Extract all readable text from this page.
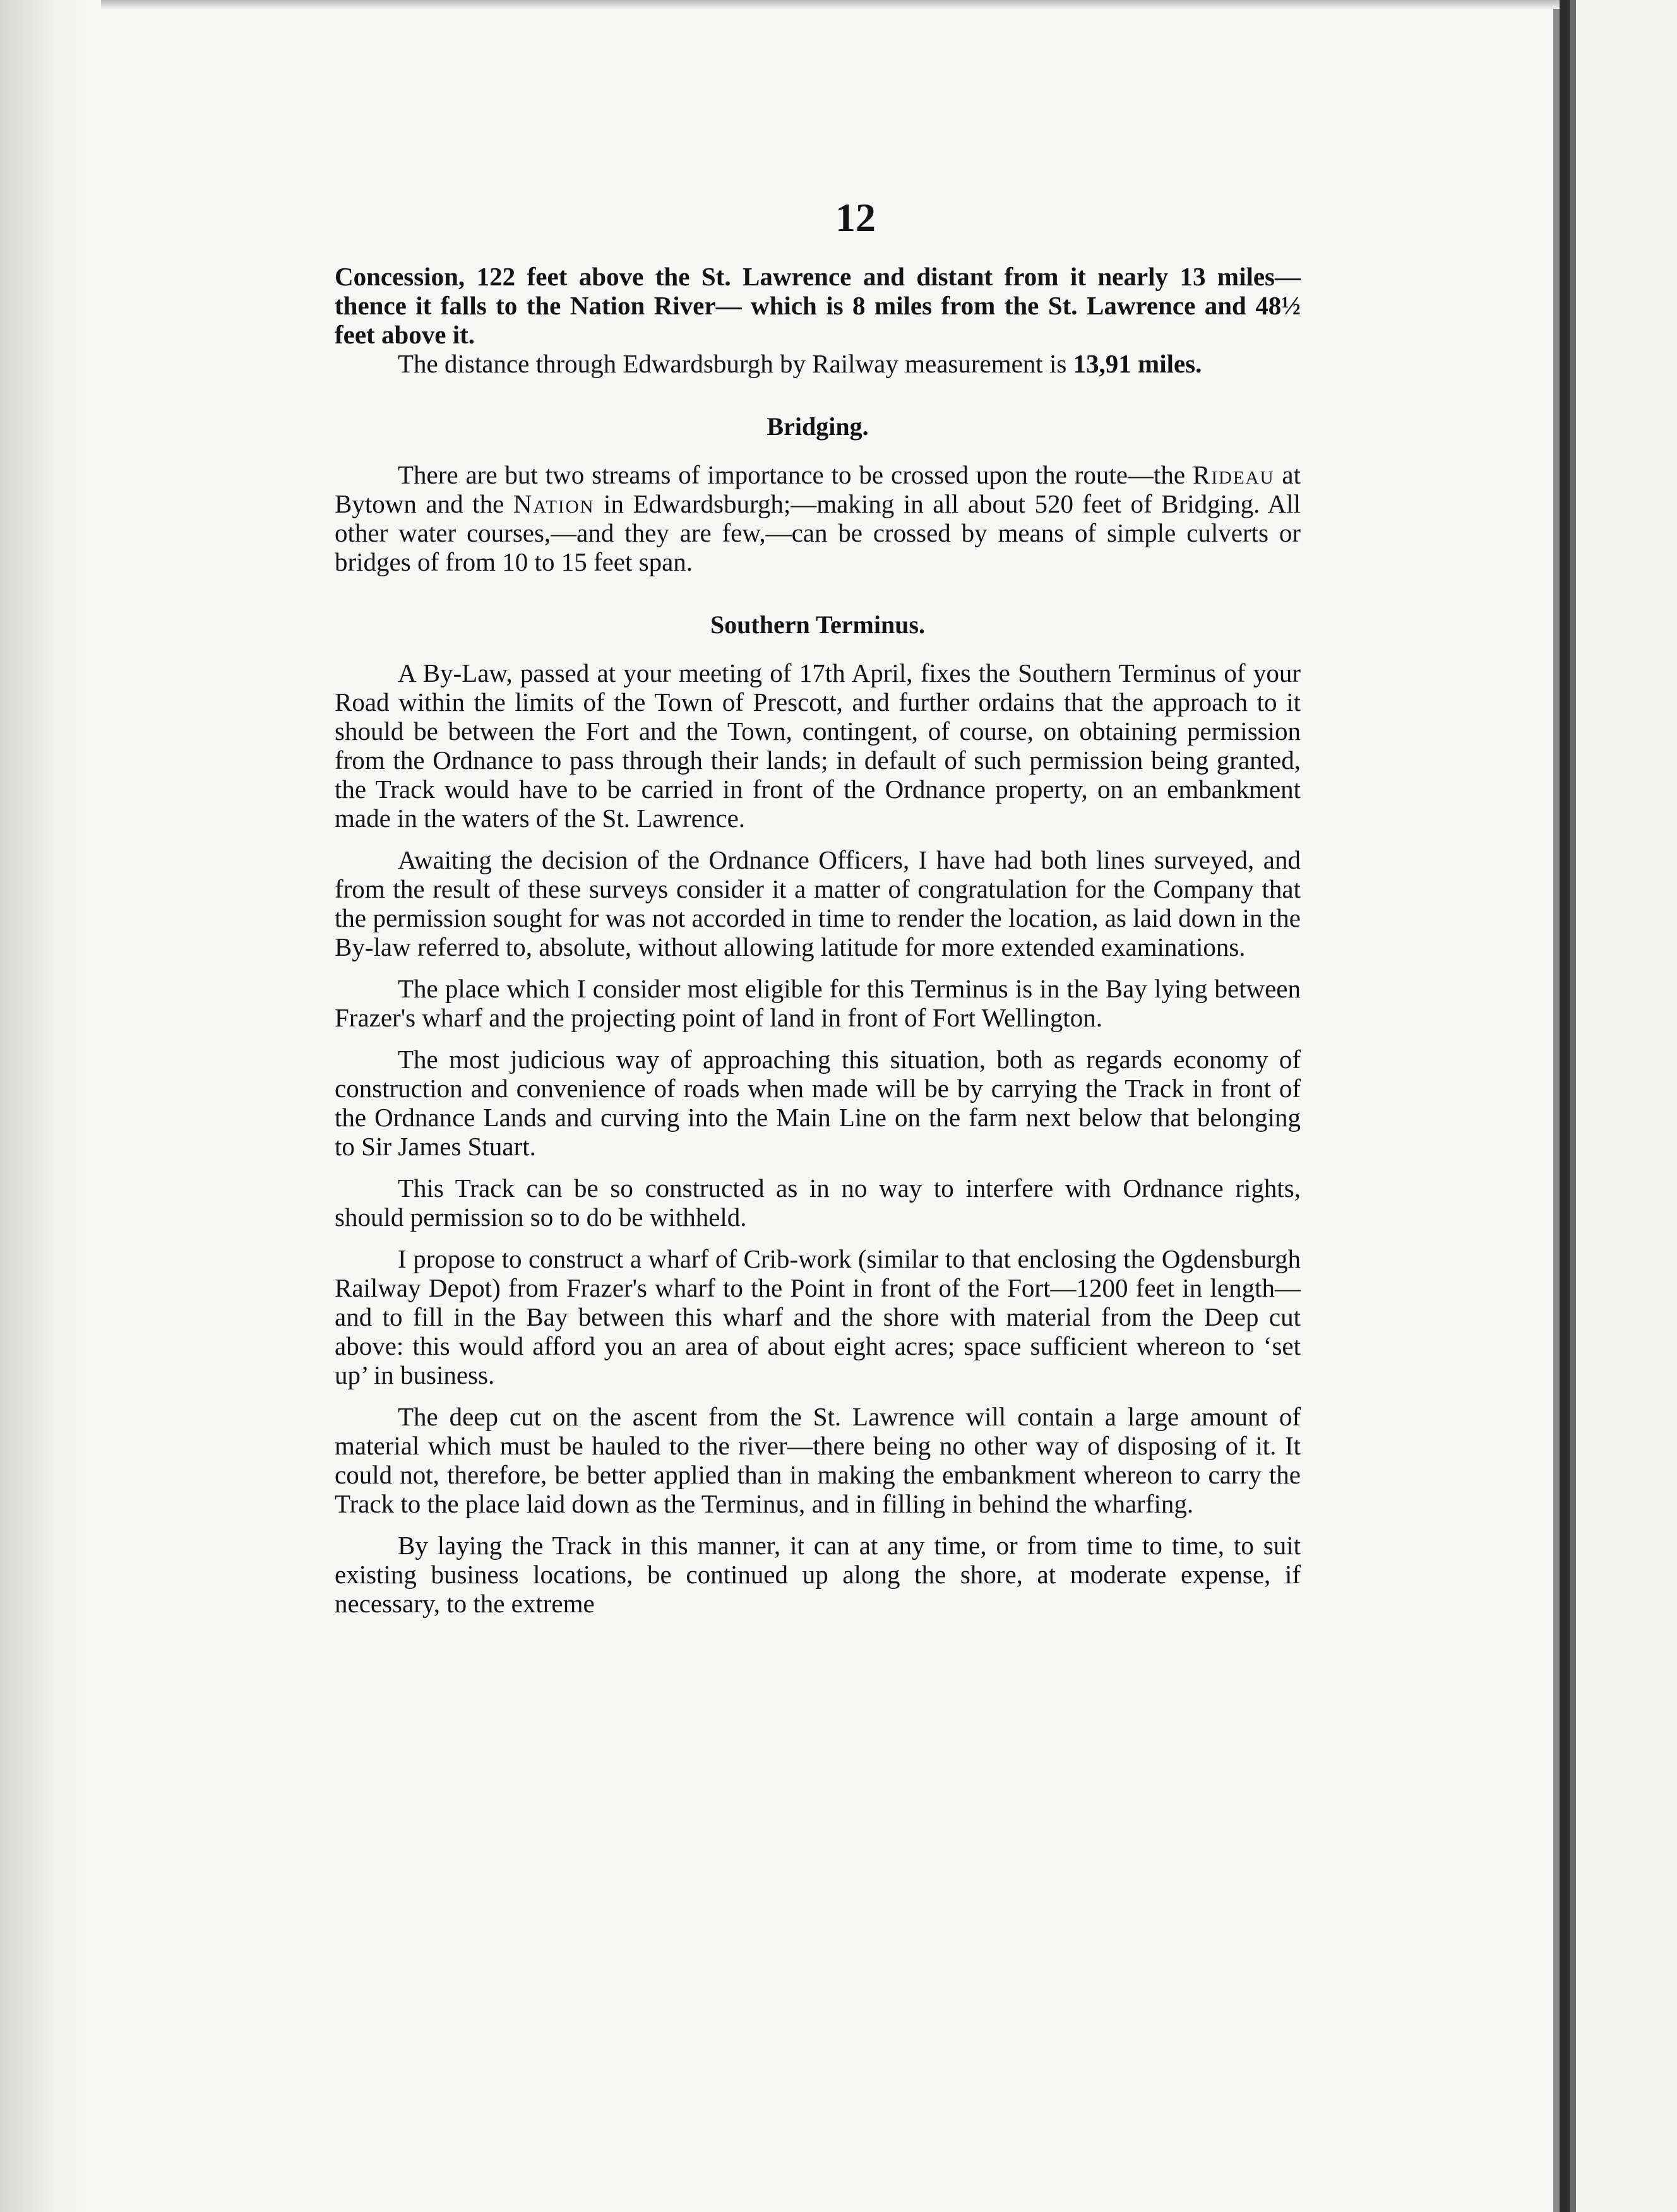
12

Concession, 122 feet above the St. Lawrence and distant from it nearly 13 miles—thence it falls to the Nation River— which is 8 miles from the St. Lawrence and 48½ feet above it.

The distance through Edwardsburgh by Railway measurement is 13,91 miles.

Bridging.

There are but two streams of importance to be crossed upon the route—the Rideau at Bytown and the Nation in Edwardsburgh;—making in all about 520 feet of Bridging. All other water courses,—and they are few,—can be crossed by means of simple culverts or bridges of from 10 to 15 feet span.

Southern Terminus.

A By-Law, passed at your meeting of 17th April, fixes the Southern Terminus of your Road within the limits of the Town of Prescott, and further ordains that the approach to it should be between the Fort and the Town, contingent, of course, on obtaining permission from the Ordnance to pass through their lands; in default of such permission being granted, the Track would have to be carried in front of the Ordnance property, on an embankment made in the waters of the St. Lawrence.

Awaiting the decision of the Ordnance Officers, I have had both lines surveyed, and from the result of these surveys consider it a matter of congratulation for the Company that the permission sought for was not accorded in time to render the location, as laid down in the By-law referred to, absolute, without allowing latitude for more extended examinations.

The place which I consider most eligible for this Terminus is in the Bay lying between Frazer's wharf and the projecting point of land in front of Fort Wellington.

The most judicious way of approaching this situation, both as regards economy of construction and convenience of roads when made will be by carrying the Track in front of the Ordnance Lands and curving into the Main Line on the farm next below that belonging to Sir James Stuart.

This Track can be so constructed as in no way to interfere with Ordnance rights, should permission so to do be withheld.

I propose to construct a wharf of Crib-work (similar to that enclosing the Ogdensburgh Railway Depot) from Frazer's wharf to the Point in front of the Fort—1200 feet in length—and to fill in the Bay between this wharf and the shore with material from the Deep cut above: this would afford you an area of about eight acres; space sufficient whereon to ‘set up’ in business.

The deep cut on the ascent from the St. Lawrence will contain a large amount of material which must be hauled to the river—there being no other way of disposing of it. It could not, therefore, be better applied than in making the embankment whereon to carry the Track to the place laid down as the Terminus, and in filling in behind the wharfing.

By laying the Track in this manner, it can at any time, or from time to time, to suit existing business locations, be continued up along the shore, at moderate expense, if necessary, to the extreme
